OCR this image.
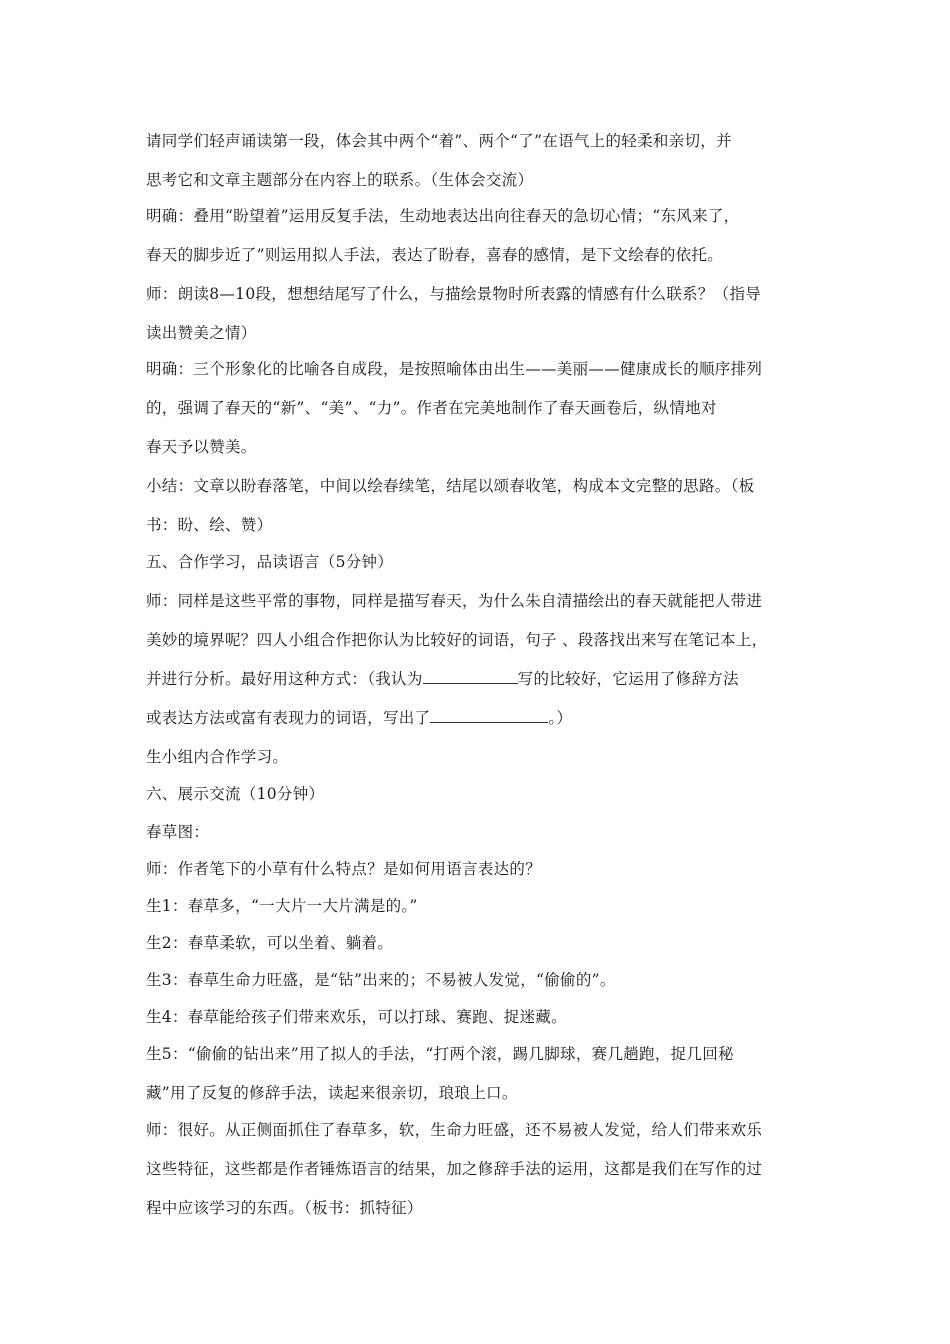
请同学们轻声诵读第一段，体会其中两个“着”、两个“了”在语气上的轻柔和亲切，并
思考它和文章主题部分在内容上的联系。（生体会交流）
明确：叠用“盼望着”运用反复手法，生动地表达出向往春天的急切心情；“东风来了，
春天的脚步近了”则运用拟人手法，表达了盼春，喜春的感情，是下文绘春的依托。
师：朗读8—10段，想想结尾写了什么，与描绘景物时所表露的情感有什么联系？（指导
读出赞美之情）
明确：三个形象化的比喻各自成段，是按照喻体由出生——美丽——健康成长的顺序排列
的，强调了春天的“新”、“美”、“力”。作者在完美地制作了春天画卷后，纵情地对
春天予以赞美。
小结：文章以盼春落笔，中间以绘春续笔，结尾以颂春收笔，构成本文完整的思路。（板
书：盼、绘、赞）
五、合作学习，品读语言（5分钟）
师：同样是这些平常的事物，同样是描写春天，为什么朱自清描绘出的春天就能把人带进
美妙的境界呢？四人小组合作把你认为比较好的词语，句子 、段落找出来写在笔记本上，
并进行分析。最好用这种方式：（我认为	写的比较好，它运用了修辞方法
或表达方法或富有表现力的词语，写出了	。）
生小组内合作学习。
六、展示交流（10分钟）
春草图：
师：作者笔下的小草有什么特点？是如何用语言表达的？
生1：春草多，“一大片一大片满是的。”
生2：春草柔软，可以坐着、躺着。
生3：春草生命力旺盛，是“钻”出来的；不易被人发觉，“偷偷的”。
生4：春草能给孩子们带来欢乐，可以打球、赛跑、捉迷藏。
生5：“偷偷的钻出来”用了拟人的手法，“打两个滚，踢几脚球，赛几趟跑，捉几回秘
藏”用了反复的修辞手法，读起来很亲切，琅琅上口。
师：很好。从正侧面抓住了春草多，软，生命力旺盛，还不易被人发觉，给人们带来欢乐
这些特征，这些都是作者锤炼语言的结果，加之修辞手法的运用，这都是我们在写作的过
程中应该学习的东西。（板书：抓特征）
